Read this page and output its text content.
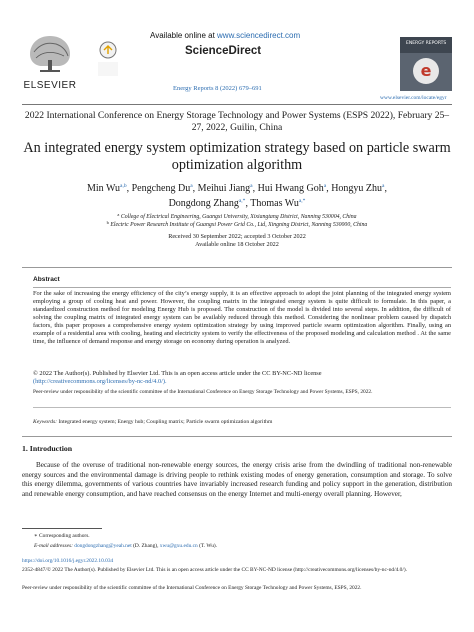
ELSEVIER
Available online at www.sciencedirect.com
ScienceDirect
Energy Reports 8 (2022) 679–691
e
ENERGY REPORTS
www.elsevier.com/locate/egyr
2022 International Conference on Energy Storage Technology and Power Systems (ESPS 2022), February 25–27, 2022, Guilin, China
An integrated energy system optimization strategy based on particle swarm optimization algorithm
Min Wu$^{a,b}$, Pengcheng Du$^a$, Meihui Jiang$^a$, Hui Hwang Goh$^a$, Hongyu Zhu$^a$,
Dongdong Zhang$^{a,*}$, Thomas $Wu^{a,*}$
$^a$ College of Electrical Engineering, Guangxi University, Xixiangtang District, Nanning 530004, China
$^b$ Electric Power Research Institute of Guangxi Power Grid Co., Ltd, Xingning District, Nanning 530000, China
Received 30 September 2022; accepted 3 October 2022
Available online 18 October 2022
Abstract
For the sake of increasing the energy efficiency of the city’s energy supply, it is an effective approach to adopt the joint planning of the integrated energy system employing a group of cooling heat and power. However, the coupling matrix in the integrated energy system is quite difficult to formulate. In this paper, a standardized construction method for modeling Energy Hub is proposed. The construction of the model is divided into several steps. In addition, the difficult of solving the coupling matrix of integrated energy system can be availably reduced through this method. Considering the nonlinear problem caused by dispatch factors, this paper proposes a comprehensive energy system optimization strategy by using improved particle swarm optimization algorithm. Finally, using an example of a residential area with cooling, heating and electricity system to verify the effectiveness of the proposed modeling and calculation method . At the same time, the influence of demand response and energy storage on economy during operation is analyzed.
© 2022 The Author(s). Published by Elsevier Ltd. This is an open access article under the CC BY-NC-ND license
(http://creativecommons.org/licenses/by-nc-nd/4.0/).
Peer-review under responsibility of the scientific committee of the International Conference on Energy Storage Technology and Power Systems, ESPS, 2022.
Keywords: Integrated energy system; Energy hub; Coupling matrix; Particle swarm optimization algorithm
1. Introduction
Because of the overuse of traditional non-renewable energy sources, the energy crisis arise from the dwindling of traditional non-renewable energy sources and the environmental damage is driving people to rethink existing modes of energy generation, consumption and storage. To solve this energy dilemma, governments of various countries have invariably increased research funding and policy support in the generation, distribution and renewable energy consumption, and have reached consensus on the energy Internet and multi-energy overall planning. However,
∗ Corresponding authors.
E-mail addresses: dongdongzhang@yeah.net (D. Zhang), xwu@gxu.edu.cn (T. Wu).
https://doi.org/10.1016/j.egyr.2022.10.034
2352-4847/© 2022 The Author(s). Published by Elsevier Ltd. This is an open access article under the CC BY-NC-ND license (http://creativecommons.org/licenses/by-nc-nd/4.0/).
Peer-review under responsibility of the scientific committee of the International Conference on Energy Storage Technology and Power Systems, ESPS, 2022.
